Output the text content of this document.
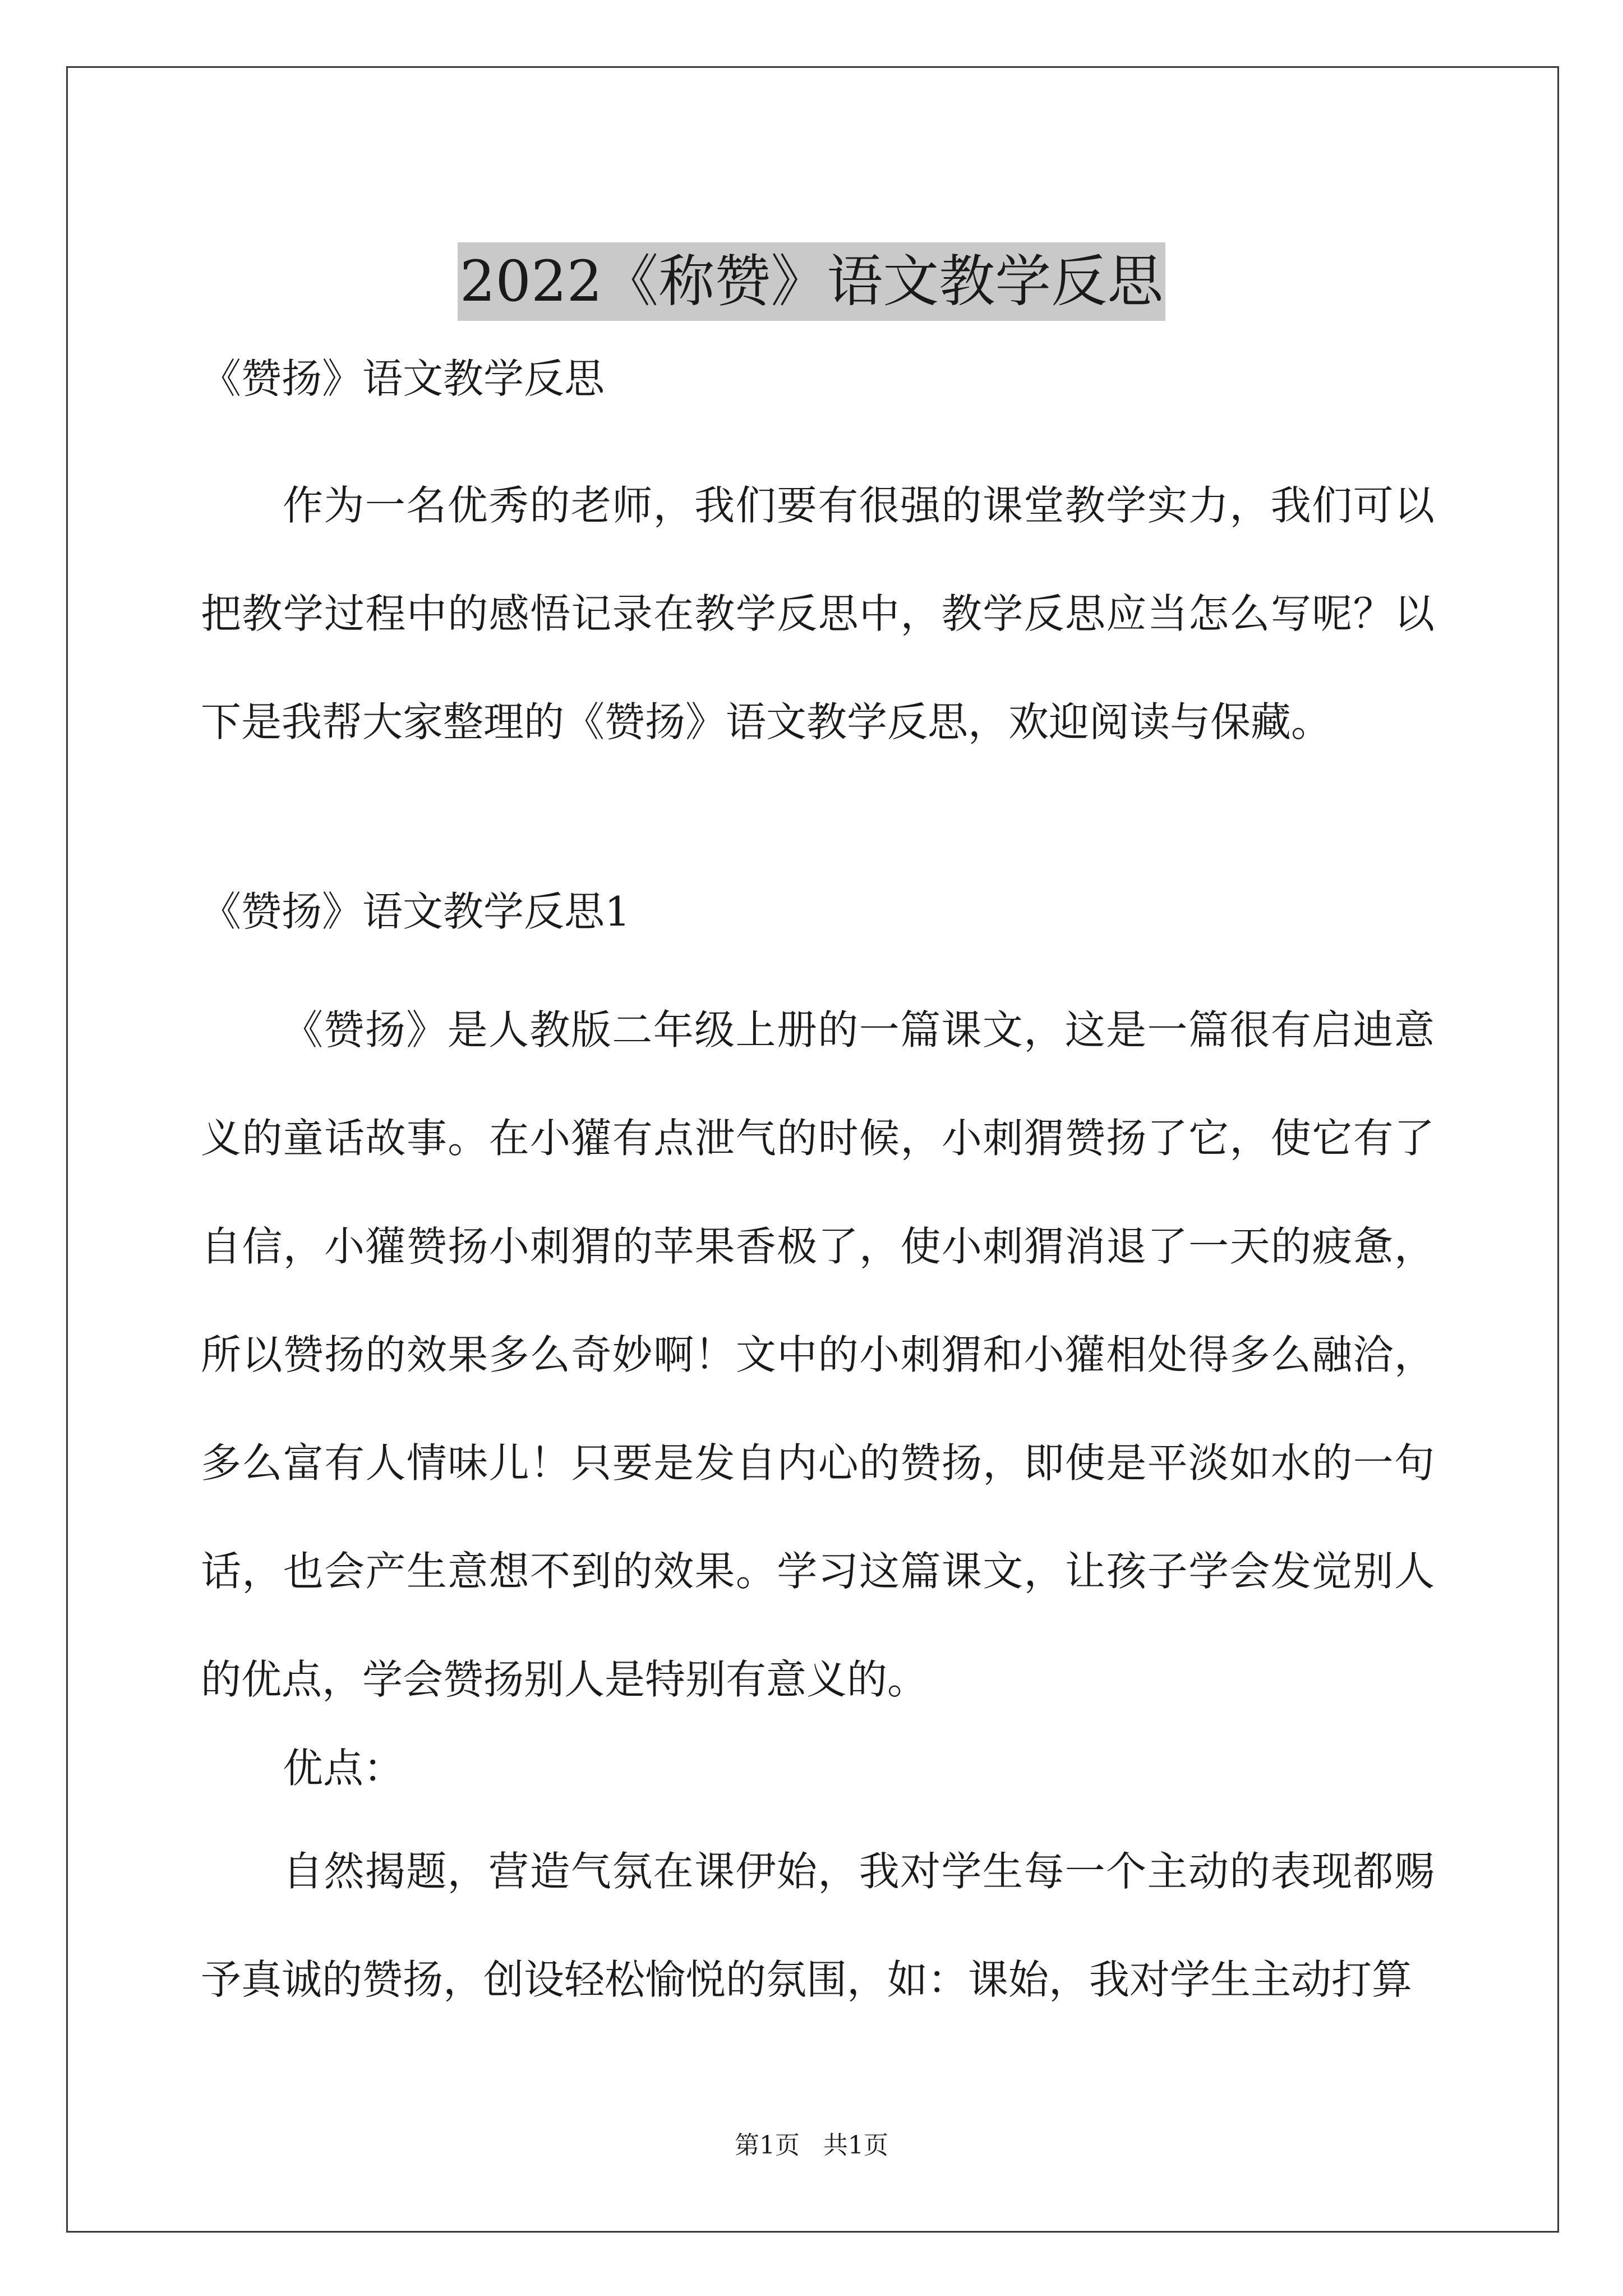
2022《称赞》语文教学反思

《赞扬》语文教学反思

作为一名优秀的老师，我们要有很强的课堂教学实力，我们可以把教学过程中的感悟记录在教学反思中，教学反思应当怎么写呢？以下是我帮大家整理的《赞扬》语文教学反思，欢迎阅读与保藏。

《赞扬》语文教学反思1

《赞扬》是人教版二年级上册的一篇课文，这是一篇很有启迪意义的童话故事。在小獾有点泄气的时候，小刺猬赞扬了它，使它有了自信，小獾赞扬小刺猬的苹果香极了，使小刺猬消退了一天的疲惫，所以赞扬的效果多么奇妙啊！文中的小刺猬和小獾相处得多么融洽，多么富有人情味儿！只要是发自内心的赞扬，即使是平淡如水的一句话，也会产生意想不到的效果。学习这篇课文，让孩子学会发觉别人的优点，学会赞扬别人是特别有意义的。

优点：

自然揭题，营造气氛在课伊始，我对学生每一个主动的表现都赐予真诚的赞扬，创设轻松愉悦的氛围，如：课始，我对学生主动打算

第1页 共1页
